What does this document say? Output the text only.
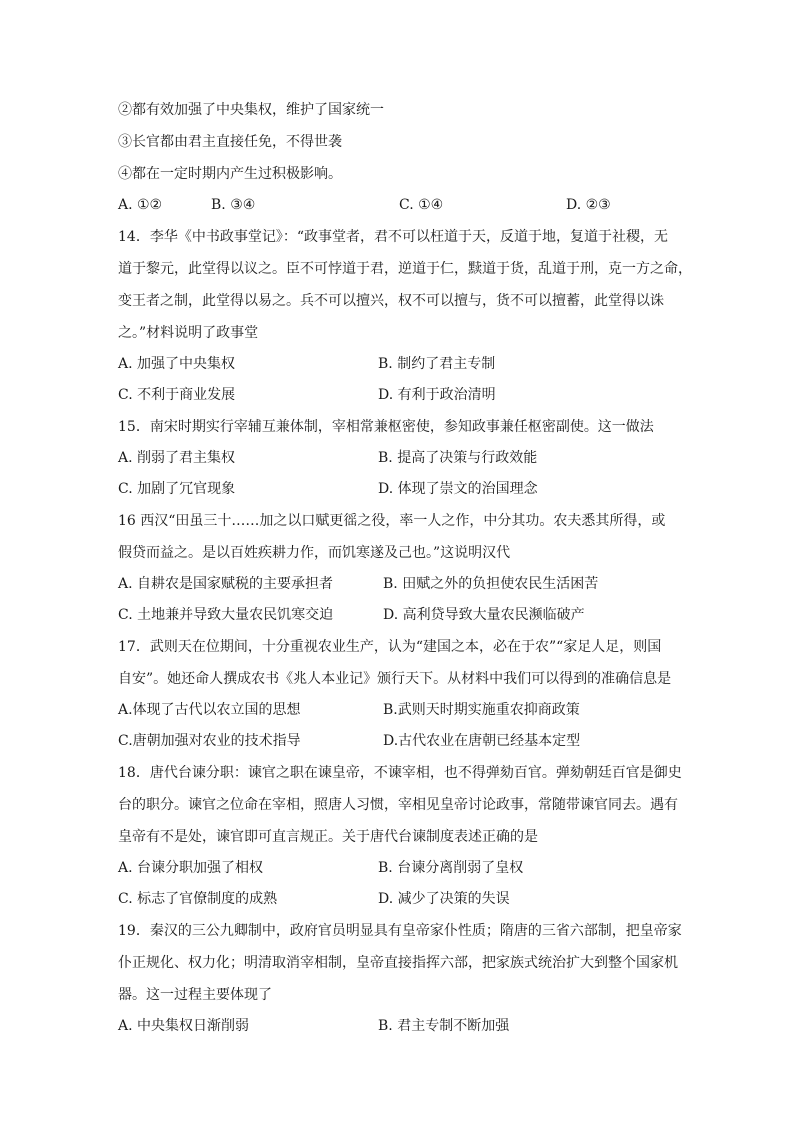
②都有效加强了中央集权，维护了国家统一
③长官都由君主直接任免，不得世袭
④都在一定时期内产生过积极影响。
A. ①②	B. ③④	C. ①④	D. ②③
14．李华《中书政事堂记》：“政事堂者，君不可以枉道于天，反道于地，复道于社稷，无
道于黎元，此堂得以议之。臣不可悖道于君，逆道于仁，黩道于货，乱道于刑，克一方之命，
变王者之制，此堂得以易之。兵不可以擅兴，权不可以擅与，货不可以擅蓄，此堂得以诛
之。”材料说明了政事堂
A. 加强了中央集权	B. 制约了君主专制
C. 不利于商业发展	D. 有利于政治清明
15．南宋时期实行宰辅互兼体制，宰相常兼枢密使，参知政事兼任枢密副使。这一做法
A. 削弱了君主集权	B. 提高了决策与行政效能
C. 加剧了冗官现象	D. 体现了崇文的治国理念
16 西汉“田虽三十……加之以口赋更徭之役，率一人之作，中分其功。农夫悉其所得，或
假贷而益之。是以百姓疾耕力作，而饥寒遂及己也。”这说明汉代
A. 自耕农是国家赋税的主要承担者	B. 田赋之外的负担使农民生活困苦
C. 土地兼并导致大量农民饥寒交迫	D. 高利贷导致大量农民濒临破产
17．武则天在位期间，十分重视农业生产，认为“建国之本，必在于农”“家足人足，则国
自安”。她还命人撰成农书《兆人本业记》颁行天下。从材料中我们可以得到的准确信息是
A.体现了古代以农立国的思想	B.武则天时期实施重农抑商政策
C.唐朝加强对农业的技术指导	D.古代农业在唐朝已经基本定型
18．唐代台谏分职：谏官之职在谏皇帝，不谏宰相，也不得弹劾百官。弹劾朝廷百官是御史
台的职分。谏官之位命在宰相，照唐人习惯，宰相见皇帝讨论政事，常随带谏官同去。遇有
皇帝有不是处，谏官即可直言规正。关于唐代台谏制度表述正确的是
A. 台谏分职加强了相权	B. 台谏分离削弱了皇权
C. 标志了官僚制度的成熟	D. 减少了决策的失误
19．秦汉的三公九卿制中，政府官员明显具有皇帝家仆性质；隋唐的三省六部制，把皇帝家
仆正规化、权力化；明清取消宰相制，皇帝直接指挥六部，把家族式统治扩大到整个国家机
器。这一过程主要体现了
A. 中央集权日渐削弱	B. 君主专制不断加强
